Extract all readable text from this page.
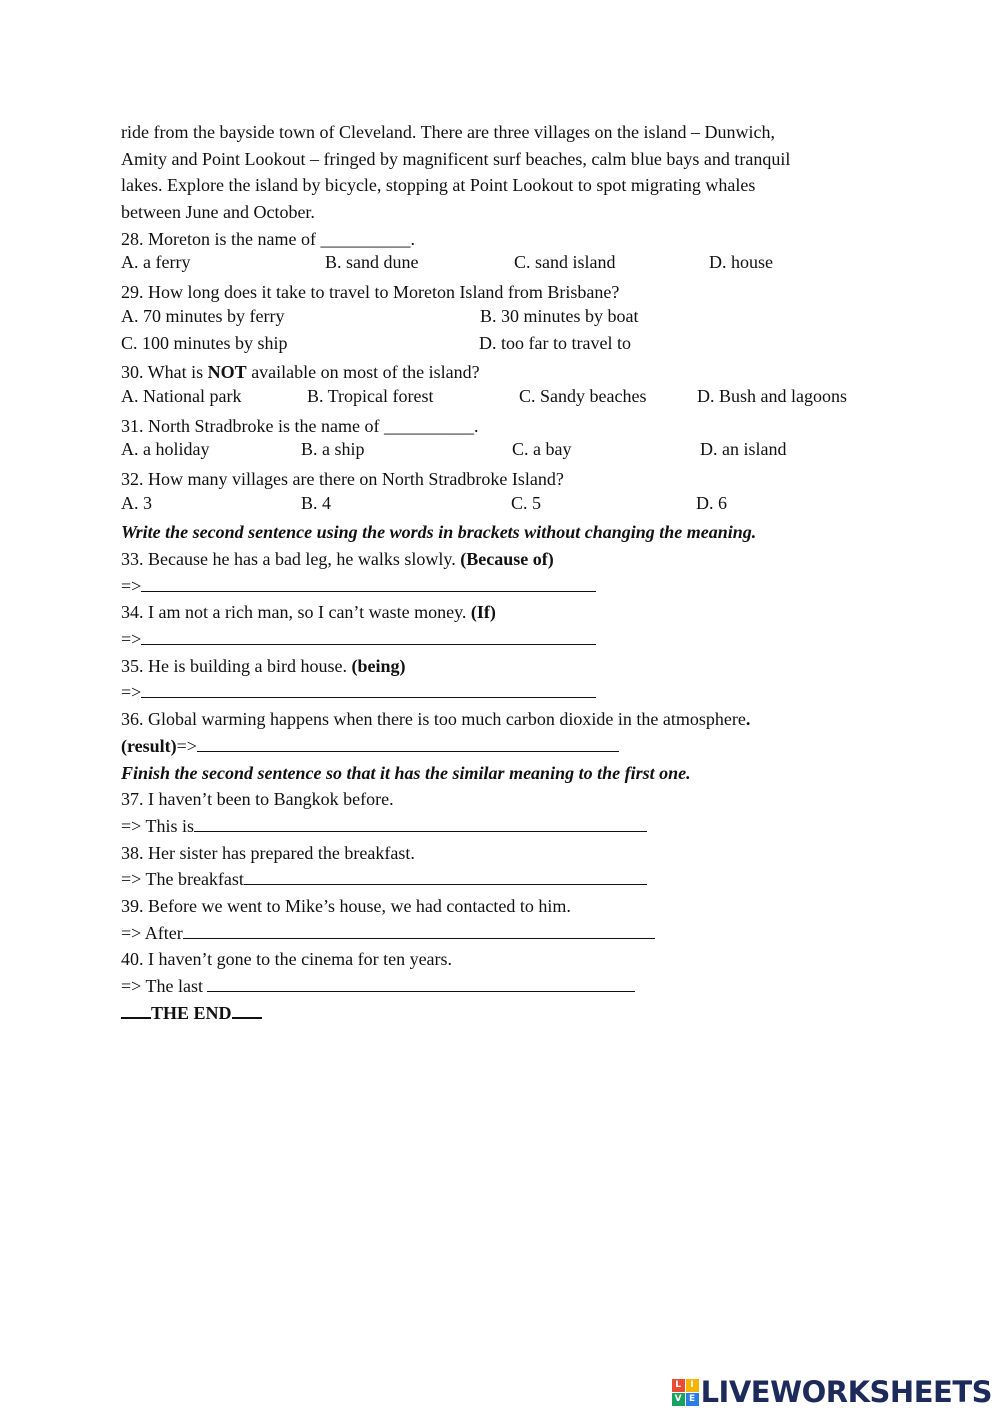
ride from the bayside town of Cleveland. There are three villages on the island – Dunwich,
Amity and Point Lookout – fringed by magnificent surf beaches, calm blue bays and tranquil
lakes. Explore the island by bicycle, stopping at Point Lookout to spot migrating whales
between June and October.
28. Moreton is the name of __________.
A. a ferry	B. sand dune	C. sand island	D. house
29. How long does it take to travel to Moreton Island from Brisbane?
A. 70 minutes by ferry	B. 30 minutes by boat
C. 100 minutes by ship	D. too far to travel to
30. What is NOT available on most of the island?
A. National park	B. Tropical forest	C. Sandy beaches	D. Bush and lagoons
31. North Stradbroke is the name of __________.
A. a holiday	B. a ship	C. a bay	D. an island
32. How many villages are there on North Stradbroke Island?
A. 3	B. 4	C. 5	D. 6
Write the second sentence using the words in brackets without changing the meaning.
33. Because he has a bad leg, he walks slowly. (Because of)
=>
34. I am not a rich man, so I can’t waste money. (If)
=>
35. He is building a bird house. (being)
=>
36. Global warming happens when there is too much carbon dioxide in the atmosphere.
(result)=>
Finish the second sentence so that it has the similar meaning to the first one.
37. I haven’t been to Bangkok before.
=> This is
38. Her sister has prepared the breakfast.
=> The breakfast
39. Before we went to Mike’s house, we had contacted to him.
=> After
40. I haven’t gone to the cinema for ten years.
=> The last
THE END
L	I
V E LIVEWORKSHEETS
